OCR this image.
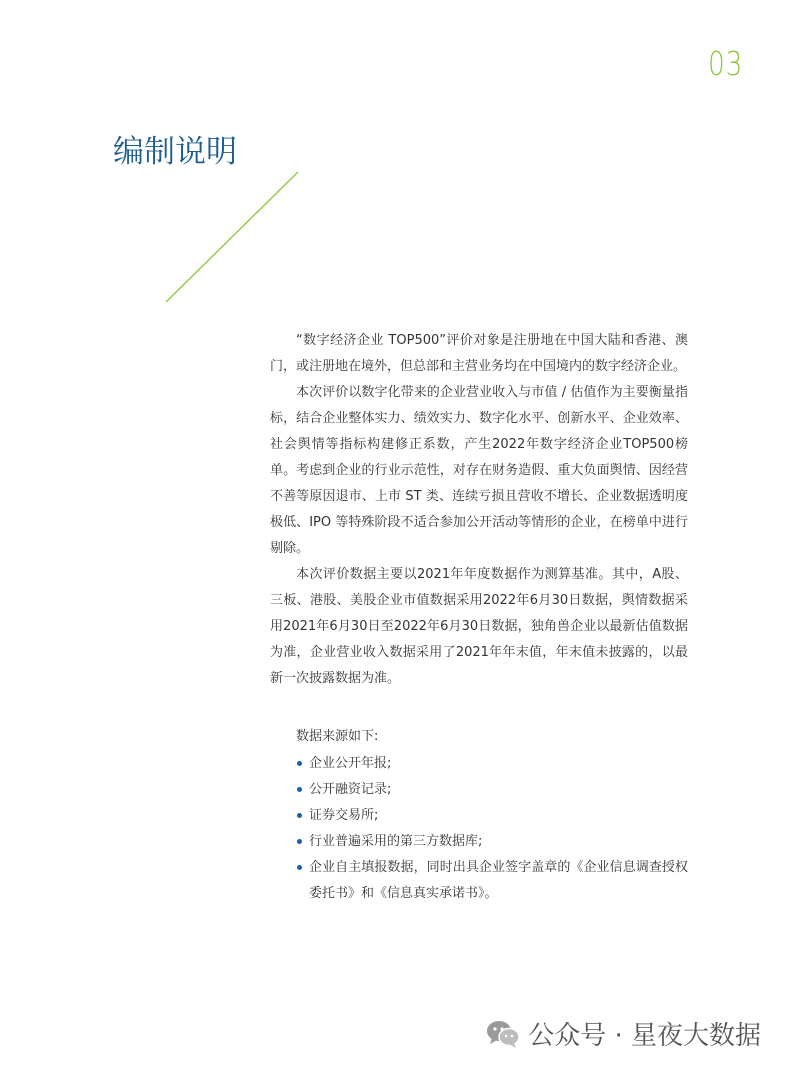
03
编制说明

“数字经济企业 TOP500”评价对象是注册地在中国大陆和香港、澳门，或注册地在境外，但总部和主营业务均在中国境内的数字经济企业。

本次评价以数字化带来的企业营业收入与市值 / 估值作为主要衡量指标，结合企业整体实力、绩效实力、数字化水平、创新水平、企业效率、社会舆情等指标构建修正系数，产生2022年数字经济企业TOP500榜单。考虑到企业的行业示范性，对存在财务造假、重大负面舆情、因经营不善等原因退市、上市 ST 类、连续亏损且营收不增长、企业数据透明度极低、IPO 等特殊阶段不适合参加公开活动等情形的企业，在榜单中进行剔除。

本次评价数据主要以2021年年度数据作为测算基准。其中，A股、三板、港股、美股企业市值数据采用2022年6月30日数据，舆情数据采用2021年6月30日至2022年6月30日数据，独角兽企业以最新估值数据为准，企业营业收入数据采用了2021年年末值，年末值未披露的，以最新一次披露数据为准。

数据来源如下:
企业公开年报;
公开融资记录;
证券交易所;
行业普遍采用的第三方数据库;
企业自主填报数据，同时出具企业签字盖章的《企业信息调查授权委托书》和《信息真实承诺书》。
公众号 · 星夜大数据
